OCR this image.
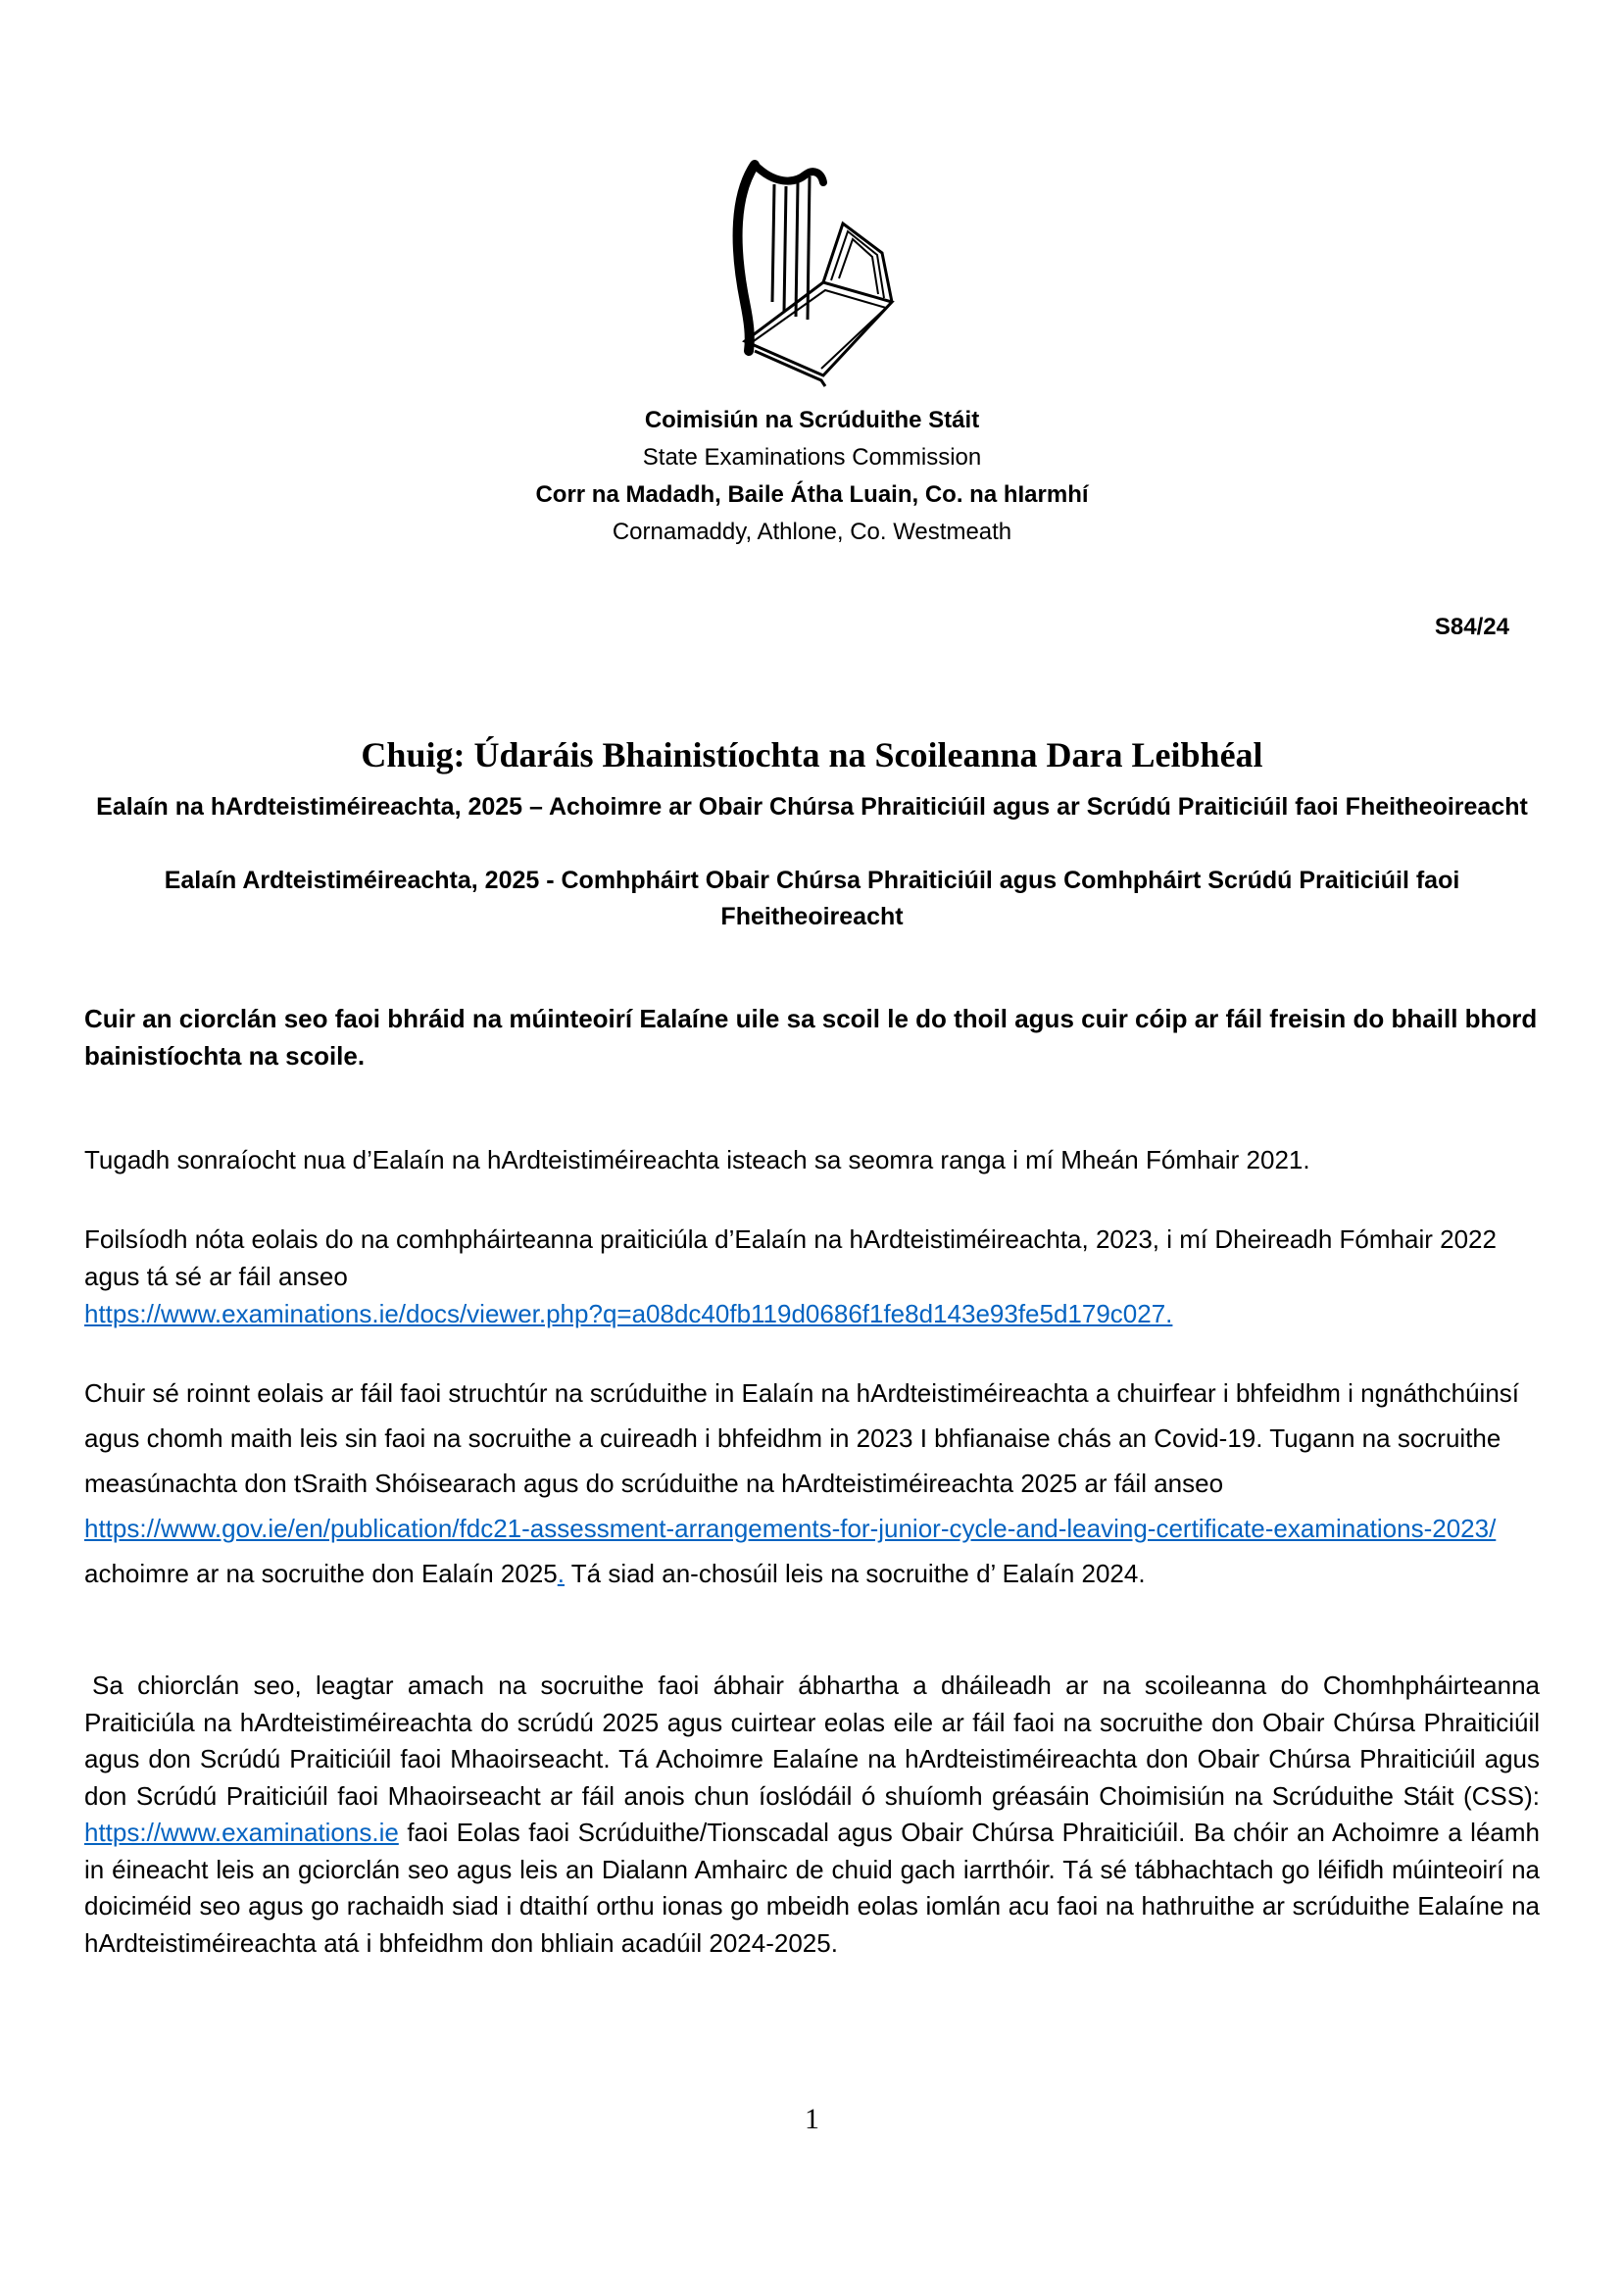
Coimisiún na Scrúduithe Stáit
State Examinations Commission
Corr na Madadh, Baile Átha Luain, Co. na hIarmhí
Cornamaddy, Athlone, Co. Westmeath
S84/24
Chuig: Údaráis Bhainistíochta na Scoileanna Dara Leibhéal
Ealaín na hArdteistiméireachta, 2025 – Achoimre ar Obair Chúrsa Phraiticiúil agus ar Scrúdú Praiticiúil faoi Fheitheoireacht
Ealaín Ardteistiméireachta, 2025 - Comhpháirt Obair Chúrsa Phraiticiúil agus Comhpháirt Scrúdú Praiticiúil faoi Fheitheoireacht
Cuir an ciorclán seo faoi bhráid na múinteoirí Ealaíne uile sa scoil le do thoil agus cuir cóip ar fáil freisin do bhaill bhord bainistíochta na scoile.
Tugadh sonraíocht nua d’Ealaín na hArdteistiméireachta isteach sa seomra ranga i mí Mheán Fómhair 2021.
Foilsíodh nóta eolais do na comhpháirteanna praiticiúla d’Ealaín na hArdteistiméireachta, 2023, i mí Dheireadh Fómhair 2022 agus tá sé ar fáil anseo
https://www.examinations.ie/docs/viewer.php?q=a08dc40fb119d0686f1fe8d143e93fe5d179c027.
Chuir sé roinnt eolais ar fáil faoi struchtúr na scrúduithe in Ealaín na hArdteistiméireachta a chuirfear i bhfeidhm i ngnáthchúinsí agus chomh maith leis sin faoi na socruithe a cuireadh i bhfeidhm in 2023 I bhfianaise chás an Covid-19. Tugann na socruithe measúnachta don tSraith Shóisearach agus do scrúduithe na hArdteistiméireachta 2025 ar fáil anseo https://www.gov.ie/en/publication/fdc21-assessment-arrangements-for-junior-cycle-and-leaving-certificate-examinations-2023/ achoimre ar na socruithe don Ealaín 2025. Tá siad an-chosúil leis na socruithe d’ Ealaín 2024.
Sa chiorclán seo, leagtar amach na socruithe faoi ábhair ábhartha a dháileadh ar na scoileanna do Chomhpháirteanna Praiticiúla na hArdteistiméireachta do scrúdú 2025 agus cuirtear eolas eile ar fáil faoi na socruithe don Obair Chúrsa Phraiticiúil agus don Scrúdú Praiticiúil faoi Mhaoirseacht. Tá Achoimre Ealaíne na hArdteistiméireachta don Obair Chúrsa Phraiticiúil agus don Scrúdú Praiticiúil faoi Mhaoirseacht ar fáil anois chun íoslódáil ó shuíomh gréasáin Choimisiún na Scrúduithe Stáit (CSS): https://www.examinations.ie faoi Eolas faoi Scrúduithe/Tionscadal agus Obair Chúrsa Phraiticiúil. Ba chóir an Achoimre a léamh in éineacht leis an gciorclán seo agus leis an Dialann Amhairc de chuid gach iarrthóir. Tá sé tábhachtach go léifidh múinteoirí na doiciméid seo agus go rachaidh siad i dtaithí orthu ionas go mbeidh eolas iomlán acu faoi na hathruithe ar scrúduithe Ealaíne na hArdteistiméireachta atá i bhfeidhm don bhliain acadúil 2024-2025.
1
